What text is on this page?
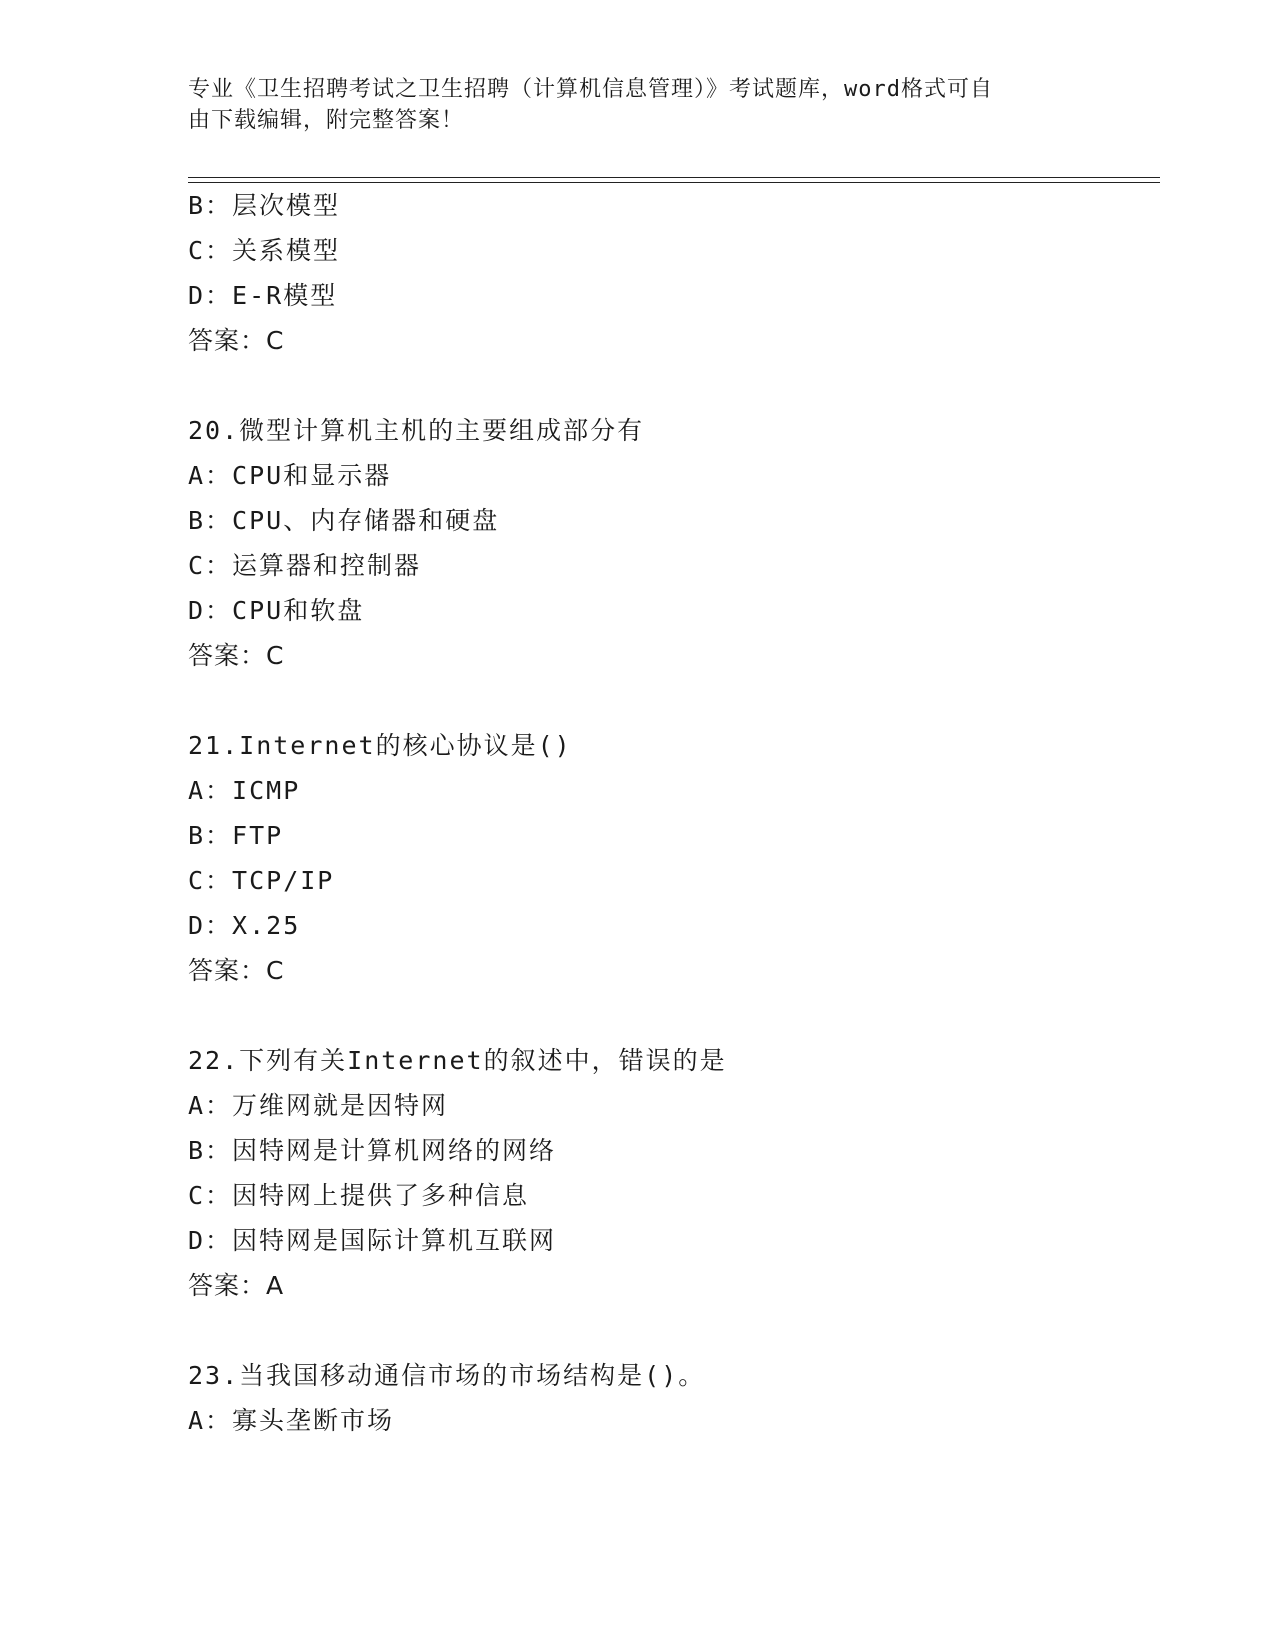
专业《卫生招聘考试之卫生招聘（计算机信息管理）》考试题库，word格式可自
由下载编辑，附完整答案！
B：层次模型
C：关系模型
D：E-R模型
答案：C
20.微型计算机主机的主要组成部分有
A：CPU和显示器
B：CPU、内存储器和硬盘
C：运算器和控制器
D：CPU和软盘
答案：C
21.Internet的核心协议是()
A：ICMP
B：FTP
C：TCP/IP
D：X.25
答案：C
22.下列有关Internet的叙述中，错误的是
A：万维网就是因特网
B：因特网是计算机网络的网络
C：因特网上提供了多种信息
D：因特网是国际计算机互联网
答案：A
23.当我国移动通信市场的市场结构是()。
A：寡头垄断市场
